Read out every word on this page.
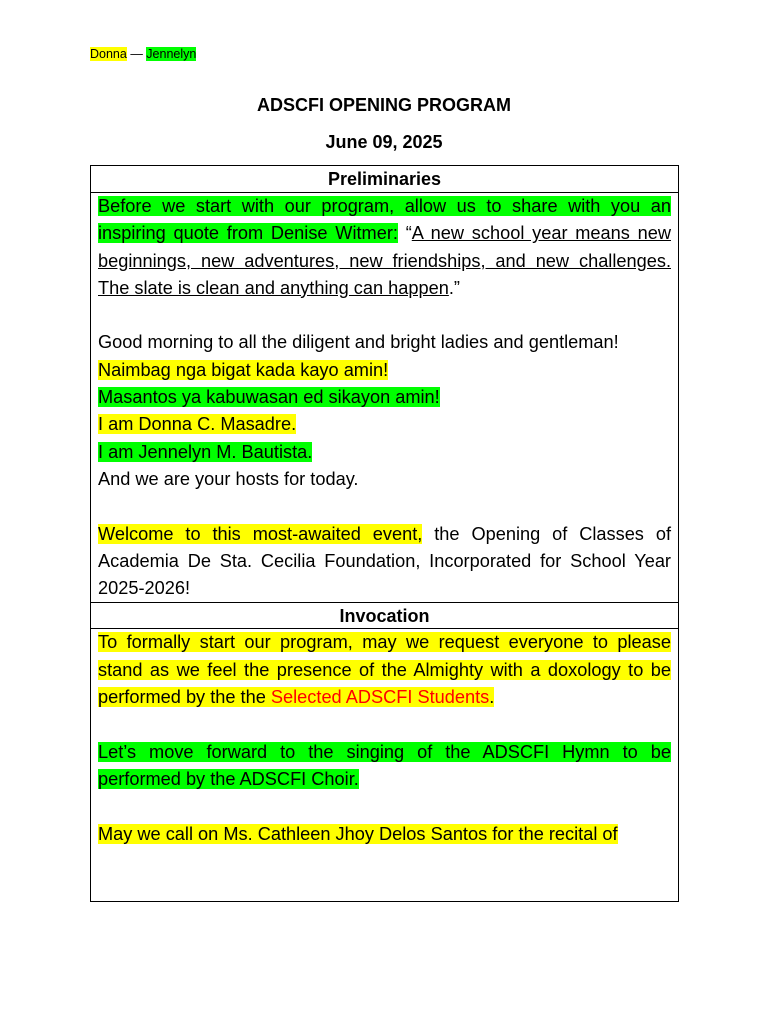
Donna — Jennelyn
ADSCFI OPENING PROGRAM
June 09, 2025
Preliminaries

Before we start with our program, allow us to share with you an inspiring quote from Denise Witmer: “A new school year means new beginnings, new adventures, new friendships, and new challenges. The slate is clean and anything can happen.”

Good morning to all the diligent and bright ladies and gentleman!

Naimbag nga bigat kada kayo amin!

Masantos ya kabuwasan ed sikayon amin!

I am Donna C. Masadre.

I am Jennelyn M. Bautista.

And we are your hosts for today.

Welcome to this most-awaited event, the Opening of Classes of Academia De Sta. Cecilia Foundation, Incorporated for School Year 2025-2026!

Invocation

To formally start our program, may we request everyone to please stand as we feel the presence of the Almighty with a doxology to be performed by the the Selected ADSCFI Students.

Let’s move forward to the singing of the ADSCFI Hymn to be performed by the ADSCFI Choir.

May we call on Ms. Cathleen Jhoy Delos Santos for the recital of
